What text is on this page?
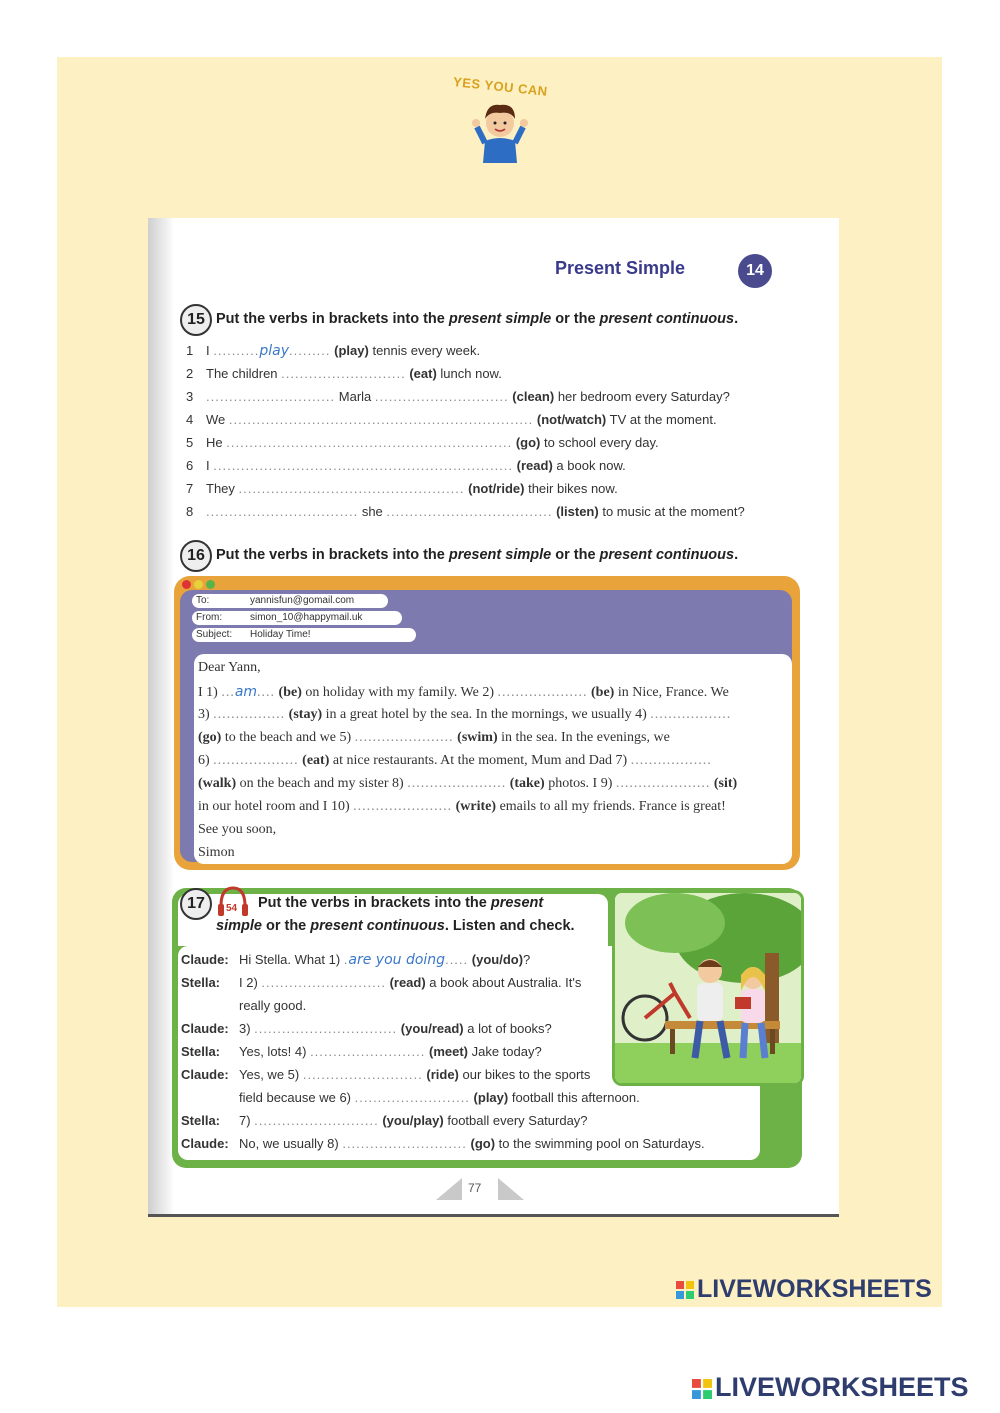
YES YOU CAN
Present Simple	14
15 Put the verbs in brackets into the present simple or the present continuous.
1 I ..........play......... (play) tennis every week.
2 The children ........................... (eat) lunch now.
3 ............................ Marla ............................. (clean) her bedroom every Saturday?
4 We .................................................................. (not/watch) TV at the moment.
5 He .............................................................. (go) to school every day.
6 I ................................................................. (read) a book now.
7 They ................................................. (not/ride) their bikes now.
8 ................................. she .................................... (listen) to music at the moment?
16 Put the verbs in brackets into the present simple or the present continuous.
To:	yannisfun@gomail.com
From:	simon_10@happymail.uk
Subject: Holiday Time!
Dear Yann,
I 1) ...am.... (be) on holiday with my family. We 2) .................... (be) in Nice, France. We
3) ................ (stay) in a great hotel by the sea. In the mornings, we usually 4) ..................
(go) to the beach and we 5) ...................... (swim) in the sea. In the evenings, we
6) ................... (eat) at nice restaurants. At the moment, Mum and Dad 7) ..................
(walk) on the beach and my sister 8) ...................... (take) photos. I 9) ..................... (sit)
in our hotel room and I 10) ...................... (write) emails to all my friends. France is great!
See you soon,
Simon
17	54 Put the verbs in brackets into the present
simple or the present continuous. Listen and check.
Claude: Hi Stella. What 1) .are you doing..... (you/do)?
Stella: I 2) ........................... (read) a book about Australia. It's
really good.
Claude: 3) ............................... (you/read) a lot of books?
Stella: Yes, lots! 4) ......................... (meet) Jake today?
Claude: Yes, we 5) .......................... (ride) our bikes to the sports
field because we 6) ......................... (play) football this afternoon.
Stella: 7) ........................... (you/play) football every Saturday?
Claude: No, we usually 8) ........................... (go) to the swimming pool on Saturdays.
77
LIVEWORKSHEETS
LIVEWORKSHEETS
